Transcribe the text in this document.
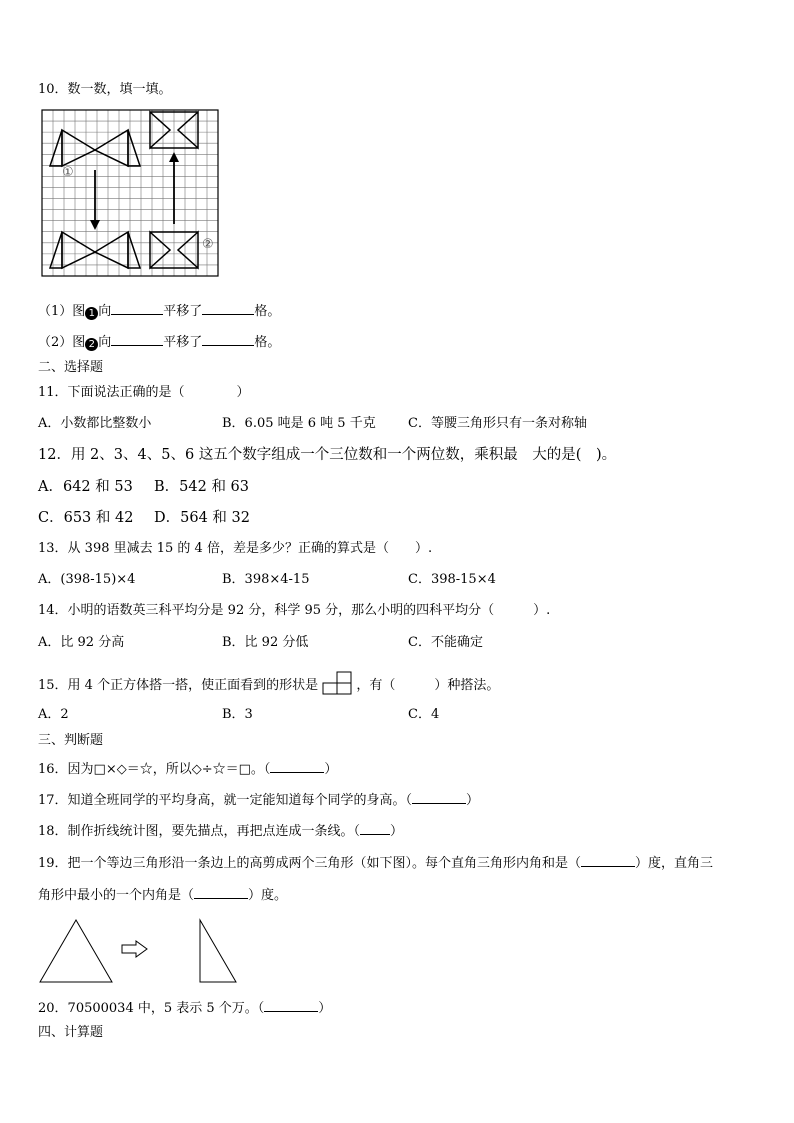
10．数一数，填一填。
①
②
（1）图 1 向	平移了	格。
（2）图 2 向	平移了	格。
二、选择题
11．下面说法正确的是（	）
A．小数都比整数小	B．6.05 吨是 6 吨 5 千克 C．等腰三角形只有一条对称轴
12．用 2、3、4、5、6 这五个数字组成一个三位数和一个两位数，乘积最　大的是(　)。
A．642 和 53 B．542 和 63
C．653 和 42 D．564 和 32
13．从 398 里减去 15 的 4 倍，差是多少？正确的算式是（　　）.
A．(398-15)×4	B．398×4-15	C．398-15×4
14．小明的语数英三科平均分是 92 分，科学 95 分，那么小明的四科平均分（　　　）.
A．比 92 分高	B．比 92 分低	C．不能确定
15．用 4 个正方体搭一搭，使正面看到的形状是	，有（　　　）种搭法。
A．2	B．3	C．4
三、判断题
16．因为□×◇＝☆，所以◇÷☆＝□。（	）
17．知道全班同学的平均身高，就一定能知道每个同学的身高。（	）
18．制作折线统计图，要先描点，再把点连成一条线。（ ）
19．把一个等边三角形沿一条边上的高剪成两个三角形（如下图）。每个直角三角形内角和是（	）度，直角三
角形中最小的一个内角是（	）度。
20．70500034 中，5 表示 5 个万。（	）
四、计算题
